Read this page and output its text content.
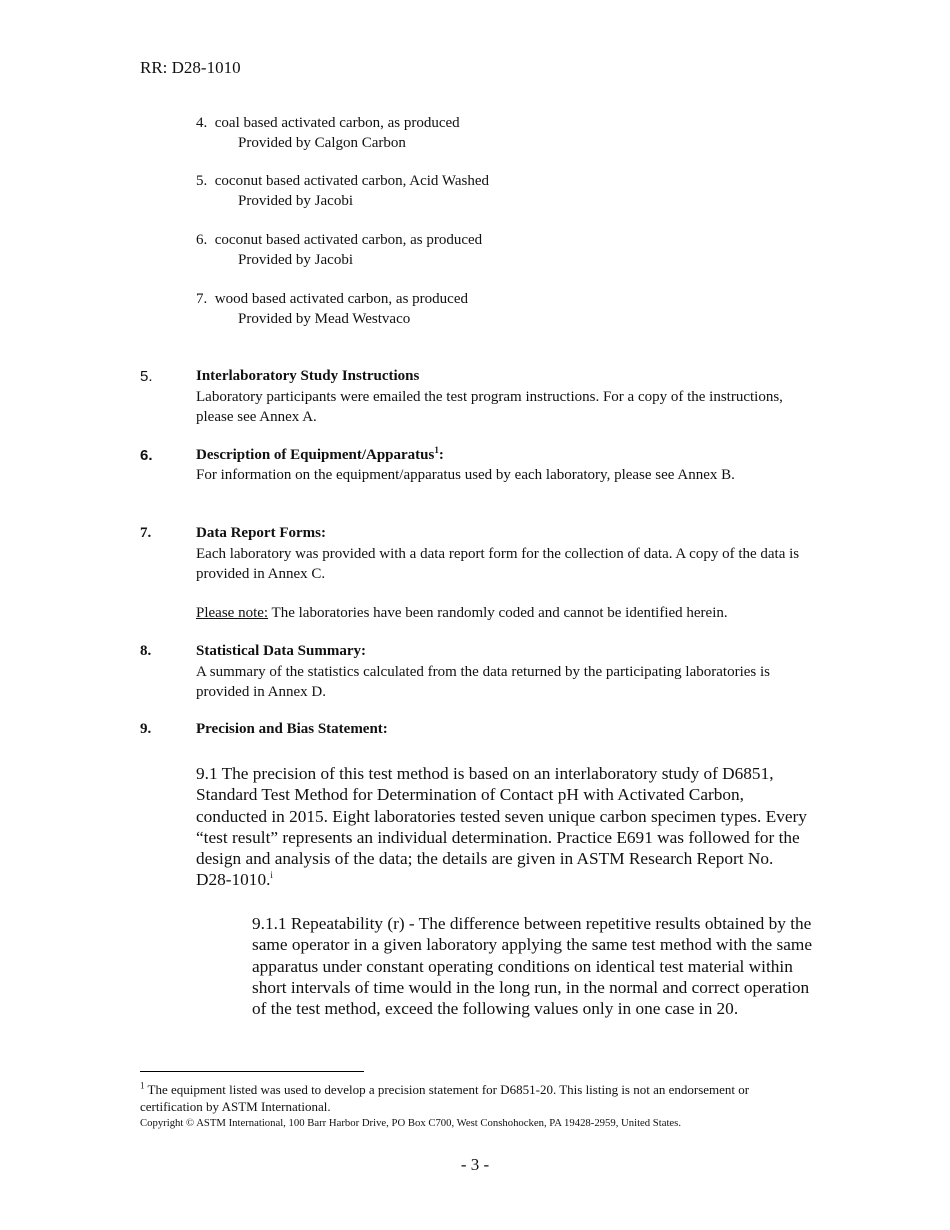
RR: D28-1010
4. coal based activated carbon, as produced
Provided by Calgon Carbon
5. coconut based activated carbon, Acid Washed
Provided by Jacobi
6. coconut based activated carbon, as produced
Provided by Jacobi
7. wood based activated carbon, as produced
Provided by Mead Westvaco
5.	Interlaboratory Study Instructions
Laboratory participants were emailed the test program instructions. For a copy of the instructions, please see Annex A.
6.	Description of Equipment/Apparatus$^1$:
For information on the equipment/apparatus used by each laboratory, please see Annex B.
7.	Data Report Forms:
Each laboratory was provided with a data report form for the collection of data. A copy of the data is provided in Annex C.
Please note: The laboratories have been randomly coded and cannot be identified herein.
8.	Statistical Data Summary:
A summary of the statistics calculated from the data returned by the participating laboratories is provided in Annex D.
9.	Precision and Bias Statement:
9.1 The precision of this test method is based on an interlaboratory study of D6851, Standard Test Method for Determination of Contact pH with Activated Carbon, conducted in 2015. Eight laboratories tested seven unique carbon specimen types. Every “test result” represents an individual determination. Practice E691 was followed for the design and analysis of the data; the details are given in ASTM Research Report No. D28-1010.$^i$
9.1.1 Repeatability (r) - The difference between repetitive results obtained by the same operator in a given laboratory applying the same test method with the same apparatus under constant operating conditions on identical test material within short intervals of time would in the long run, in the normal and correct operation of the test method, exceed the following values only in one case in 20.
$^1$ The equipment listed was used to develop a precision statement for D6851-20. This listing is not an endorsement or certification by ASTM International.
Copyright © ASTM International, 100 Barr Harbor Drive, PO Box C700, West Conshohocken, PA 19428-2959, United States.
- 3 -
